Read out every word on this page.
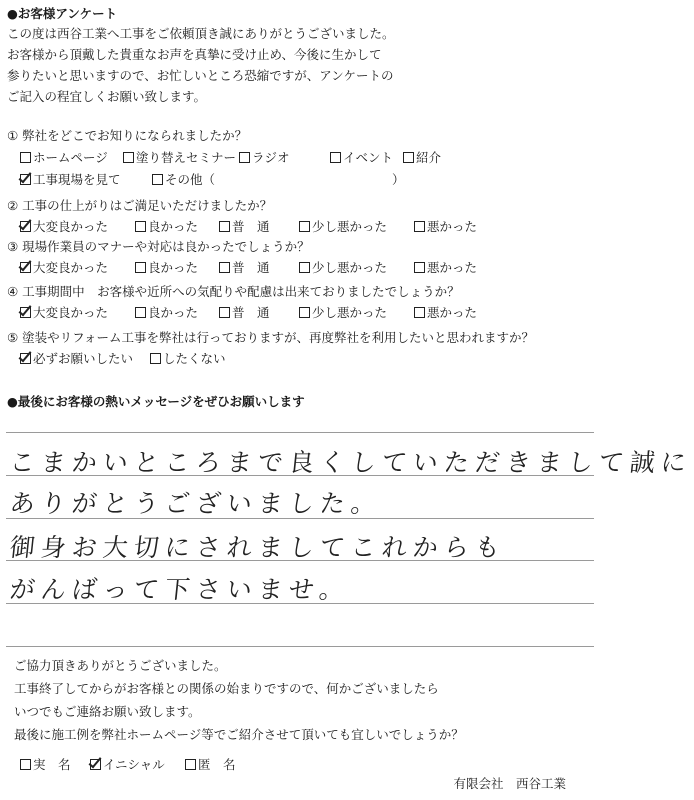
●お客様アンケート
この度は西谷工業へ工事をご依頼頂き誠にありがとうございました。
お客様から頂戴した貴重なお声を真摯に受け止め、今後に生かして
参りたいと思いますので、お忙しいところ恐縮ですが、アンケートの
ご記入の程宜しくお願い致します。
① 弊社をどこでお知りになられましたか？
ホームページ 塗り替えセミナー ラジオ	イベント 紹介
工事現場を見て	その他（	）
② 工事の仕上がりはご満足いただけましたか？
大変良かった	良かった	普　通	少し悪かった	悪かった
③ 現場作業員のマナーや対応は良かったでしょうか？
大変良かった	良かった	普　通	少し悪かった	悪かった
④ 工事期間中　お客様や近所への気配りや配慮は出来ておりましたでしょうか？
大変良かった	良かった	普　通	少し悪かった	悪かった
⑤ 塗装やリフォーム工事を弊社は行っておりますが、再度弊社を利用したいと思われますか？
必ずお願いしたい したくない
●最後にお客様の熱いメッセージをぜひお願いします
こまかいところまで良くしていただきまして誠に
ありがとうございました。
御身お大切にされましてこれからも
がんばって下さいませ。
ご協力頂きありがとうございました。
工事終了してからがお客様との関係の始まりですので、何かございましたら
いつでもご連絡お願い致します。
最後に施工例を弊社ホームページ等でご紹介させて頂いても宜しいでしょうか？
実　名	イニシャル	匿　名
有限会社　西谷工業
